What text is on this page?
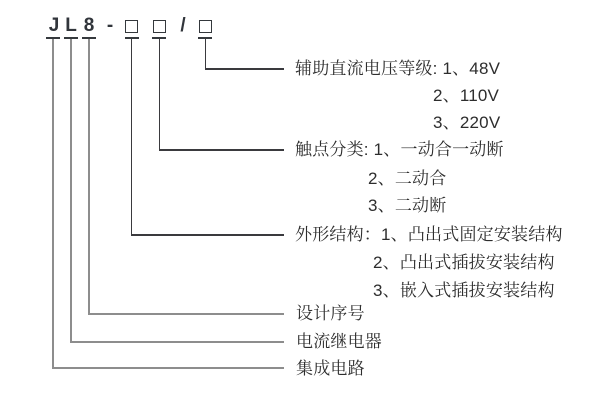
J L 8 -	/
辅助直流电压等级: 1、48V
2、110V
3、220V
触点分类: 1、一动合一动断
2、二动合
3、二动断
外形结构：1、凸出式固定安装结构
2、凸出式插拔安装结构
3、嵌入式插拔安装结构
设计序号
电流继电器
集成电路
